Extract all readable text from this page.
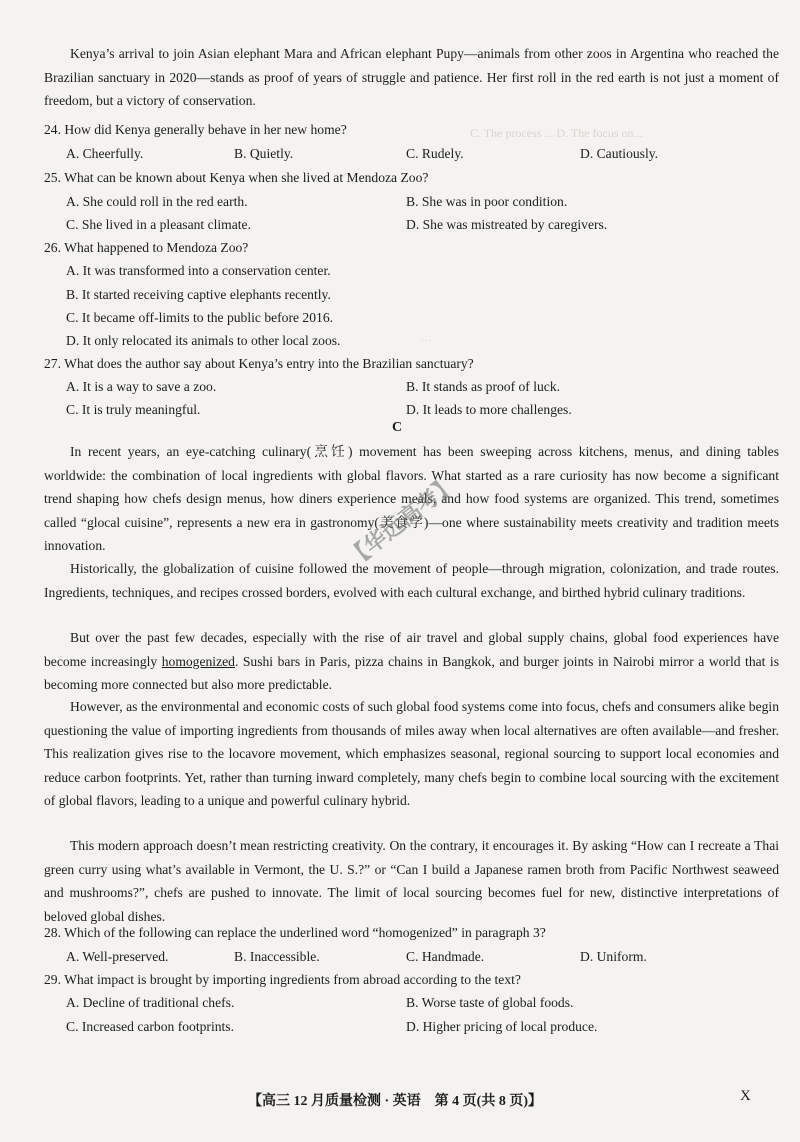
C. The process ... D. The focus on...
…

Kenya’s arrival to join Asian elephant Mara and African elephant Pupy—animals from other zoos in Argentina who reached the Brazilian sanctuary in 2020—stands as proof of years of struggle and patience. Her first roll in the red earth is not just a moment of freedom, but a victory of conservation.

24. How did Kenya generally behave in her new home?
A. Cheerfully.	B. Quietly.	C. Rudely.	D. Cautiously.
25. What can be known about Kenya when she lived at Mendoza Zoo?
A. She could roll in the red earth.	B. She was in poor condition.
C. She lived in a pleasant climate.	D. She was mistreated by caregivers.
26. What happened to Mendoza Zoo?
A. It was transformed into a conservation center.
B. It started receiving captive elephants recently.
C. It became off-limits to the public before 2016.
D. It only relocated its animals to other local zoos.
27. What does the author say about Kenya’s entry into the Brazilian sanctuary?
A. It is a way to save a zoo.	B. It stands as proof of luck.
C. It is truly meaningful.	D. It leads to more challenges.
C

In recent years, an eye-catching culinary(烹饪) movement has been sweeping across kitchens, menus, and dining tables worldwide: the combination of local ingredients with global flavors. What started as a rare curiosity has now become a significant trend shaping how chefs design menus, how diners experience meals, and how food systems are organized. This trend, sometimes called “glocal cuisine”, represents a new era in gastronomy(美食学)—one where sustainability meets creativity and tradition meets innovation.

Historically, the globalization of cuisine followed the movement of people—through migration, colonization, and trade routes. Ingredients, techniques, and recipes crossed borders, evolved with each cultural exchange, and birthed hybrid culinary traditions.

But over the past few decades, especially with the rise of air travel and global supply chains, global food experiences have become increasingly homogenized. Sushi bars in Paris, pizza chains in Bangkok, and burger joints in Nairobi mirror a world that is becoming more connected but also more predictable.

However, as the environmental and economic costs of such global food systems come into focus, chefs and consumers alike begin questioning the value of importing ingredients from thousands of miles away when local alternatives are often available—and fresher. This realization gives rise to the locavore movement, which emphasizes seasonal, regional sourcing to support local economies and reduce carbon footprints. Yet, rather than turning inward completely, many chefs begin to combine local sourcing with the excitement of global flavors, leading to a unique and powerful culinary hybrid.

This modern approach doesn’t mean restricting creativity. On the contrary, it encourages it. By asking “How can I recreate a Thai green curry using what’s available in Vermont, the U. S.?” or “Can I build a Japanese ramen broth from Pacific Northwest seaweed and mushrooms?”, chefs are pushed to innovate. The limit of local sourcing becomes fuel for new, distinctive interpretations of beloved global dishes.

28. Which of the following can replace the underlined word “homogenized” in paragraph 3?
A. Well-preserved.	B. Inaccessible.	C. Handmade.	D. Uniform.
29. What impact is brought by importing ingredients from abroad according to the text?
A. Decline of traditional chefs.	B. Worse taste of global foods.
C. Increased carbon footprints.	D. Higher pricing of local produce.
【华远高考】
【高三 12 月质量检测 · 英语　第 4 页(共 8 页)】	X
